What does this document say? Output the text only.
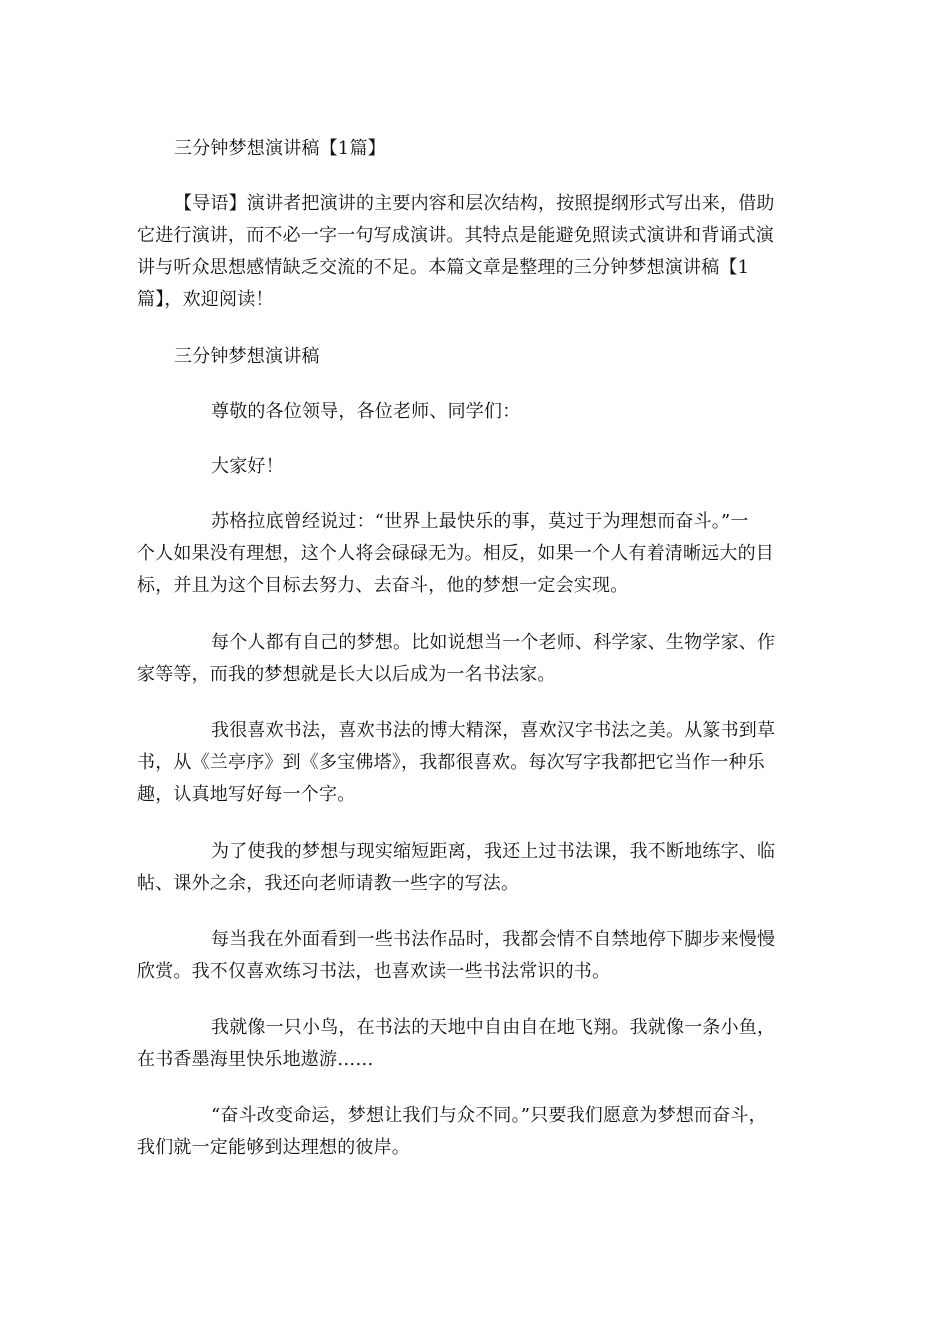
三分钟梦想演讲稿【1篇】
【导语】演讲者把演讲的主要内容和层次结构，按照提纲形式写出来，借助
它进行演讲，而不必一字一句写成演讲。其特点是能避免照读式演讲和背诵式演
讲与听众思想感情缺乏交流的不足。本篇文章是整理的三分钟梦想演讲稿【1
篇】，欢迎阅读！
三分钟梦想演讲稿
尊敬的各位领导，各位老师、同学们：
大家好！
苏格拉底曾经说过：“世界上最快乐的事，莫过于为理想而奋斗。”一
个人如果没有理想，这个人将会碌碌无为。相反，如果一个人有着清晰远大的目
标，并且为这个目标去努力、去奋斗，他的梦想一定会实现。
每个人都有自己的梦想。比如说想当一个老师、科学家、生物学家、作
家等等，而我的梦想就是长大以后成为一名书法家。
我很喜欢书法，喜欢书法的博大精深，喜欢汉字书法之美。从篆书到草
书，从《兰亭序》到《多宝佛塔》，我都很喜欢。每次写字我都把它当作一种乐
趣，认真地写好每一个字。
为了使我的梦想与现实缩短距离，我还上过书法课，我不断地练字、临
帖、课外之余，我还向老师请教一些字的写法。
每当我在外面看到一些书法作品时，我都会情不自禁地停下脚步来慢慢
欣赏。我不仅喜欢练习书法，也喜欢读一些书法常识的书。
我就像一只小鸟，在书法的天地中自由自在地飞翔。我就像一条小鱼，
在书香墨海里快乐地遨游……
“奋斗改变命运，梦想让我们与众不同。”只要我们愿意为梦想而奋斗，
我们就一定能够到达理想的彼岸。
